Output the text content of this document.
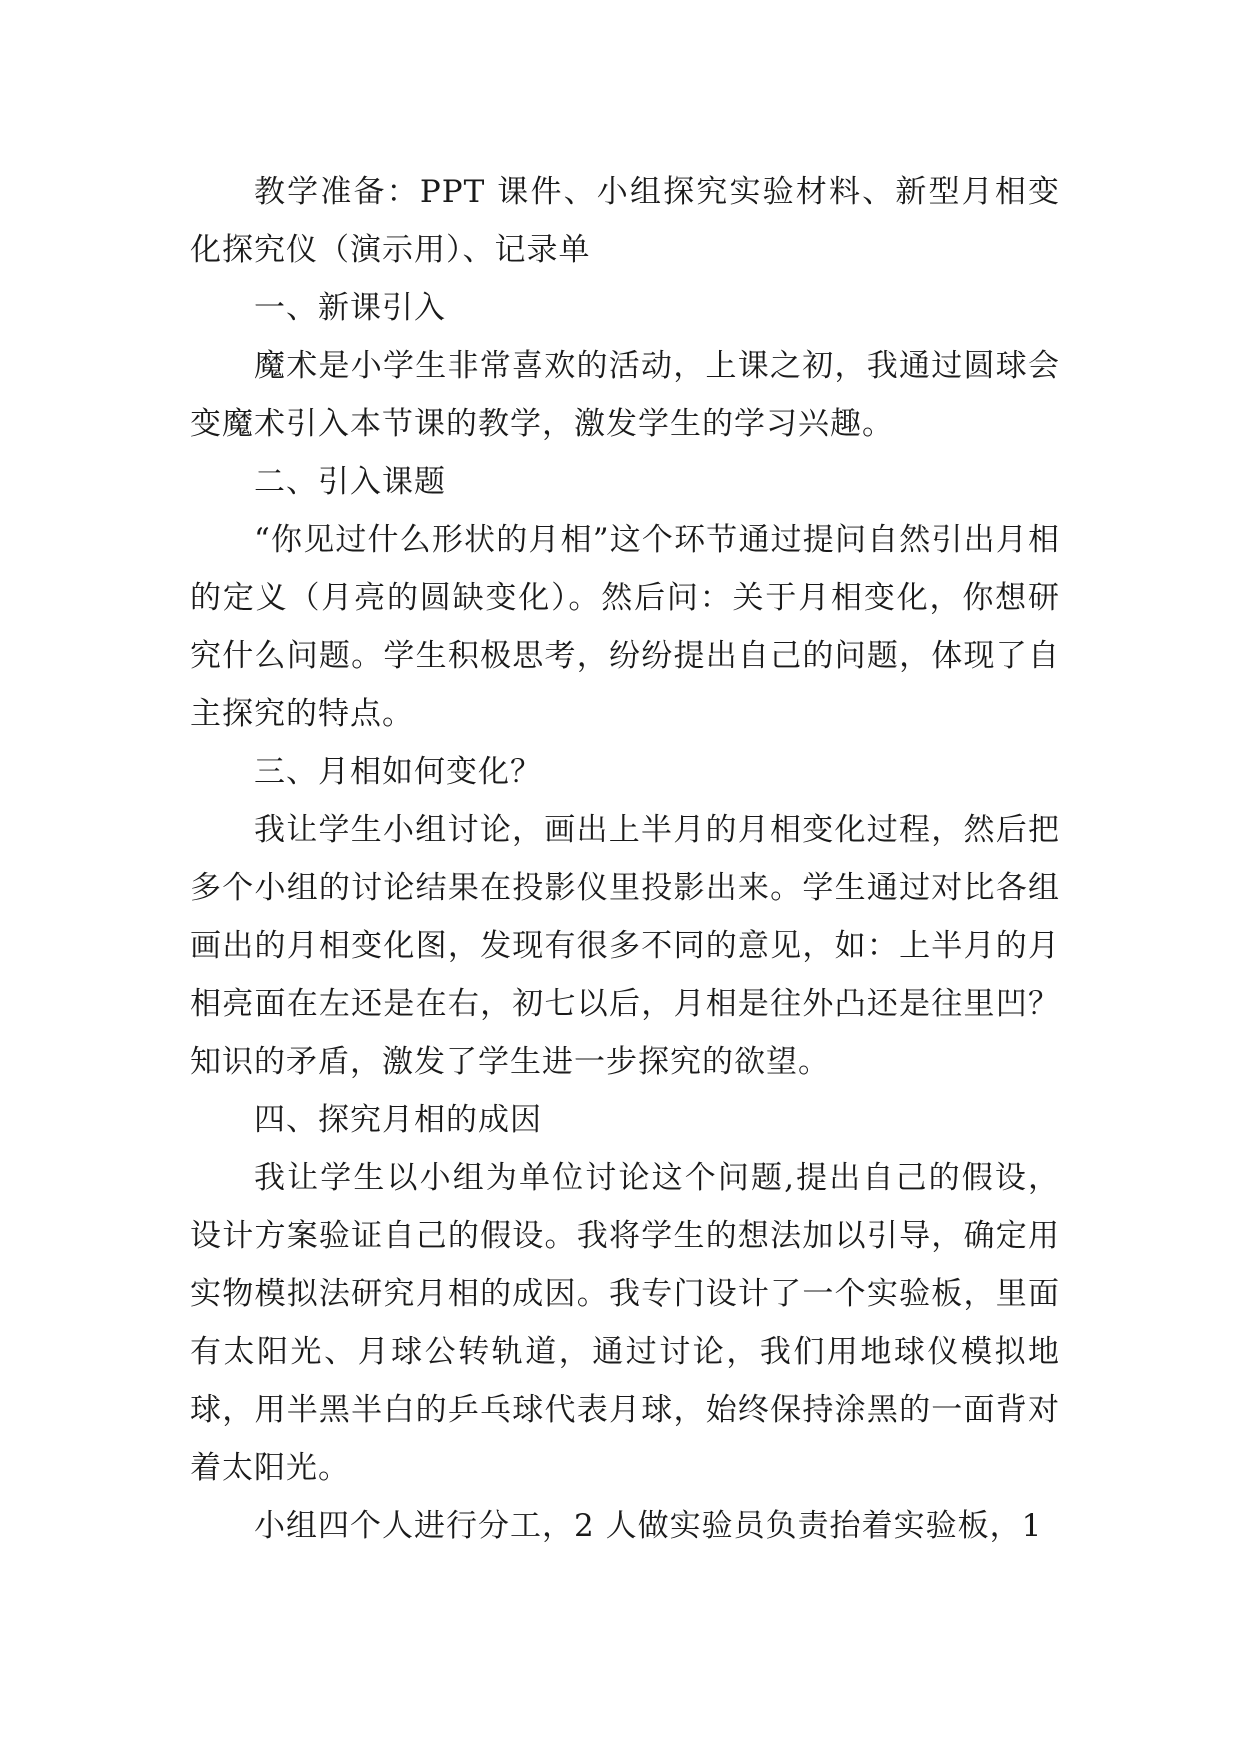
教学准备：PPT 课件、小组探究实验材料、新型月相变化探究仪（演示用）、记录单

一、新课引入

魔术是小学生非常喜欢的活动，上课之初，我通过圆球会变魔术引入本节课的教学，激发学生的学习兴趣。

二、引入课题

“你见过什么形状的月相”这个环节通过提问自然引出月相的定义（月亮的圆缺变化）。然后问：关于月相变化，你想研究什么问题。学生积极思考，纷纷提出自己的问题，体现了自主探究的特点。

三、月相如何变化？

我让学生小组讨论，画出上半月的月相变化过程，然后把多个小组的讨论结果在投影仪里投影出来。学生通过对比各组画出的月相变化图，发现有很多不同的意见，如：上半月的月相亮面在左还是在右，初七以后，月相是往外凸还是往里凹？知识的矛盾，激发了学生进一步探究的欲望。

四、探究月相的成因

我让学生以小组为单位讨论这个问题,提出自己的假设，设计方案验证自己的假设。我将学生的想法加以引导，确定用实物模拟法研究月相的成因。我专门设计了一个实验板，里面有太阳光、月球公转轨道，通过讨论，我们用地球仪模拟地球，用半黑半白的乒乓球代表月球，始终保持涂黑的一面背对着太阳光。

小组四个人进行分工，2 人做实验员负责抬着实验板，1
